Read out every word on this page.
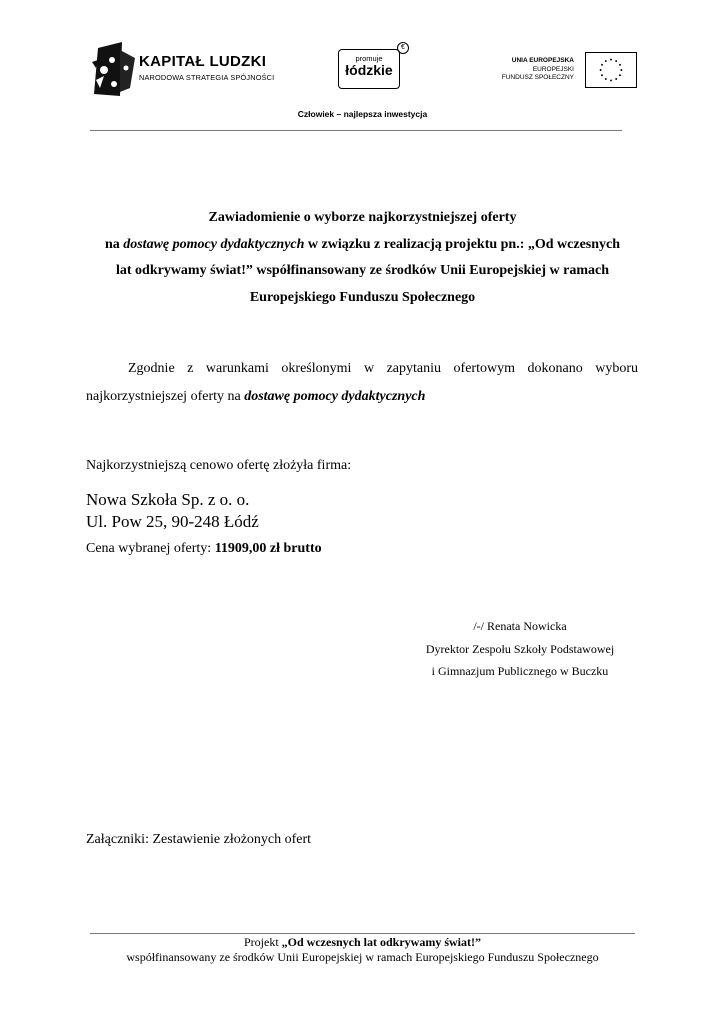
KAPITAŁ LUDZKI
NARODOWA STRATEGIA SPÓJNOŚCI
promuje
łódzkie
€
UNIA EUROPEJSKA
EUROPEJSKI
FUNDUSZ SPOŁECZNY
Człowiek – najlepsza inwestycja
Zawiadomienie o wyborze najkorzystniejszej oferty
na dostawę pomocy dydaktycznych w związku z realizacją projektu pn.: „Od wczesnych
lat odkrywamy świat!” współfinansowany ze środków Unii Europejskiej w ramach
Europejskiego Funduszu Społecznego
Zgodnie z warunkami określonymi w zapytaniu ofertowym dokonano wyboru
najkorzystniejszej oferty na dostawę pomocy dydaktycznych
Najkorzystniejszą cenowo ofertę złożyła firma:
Nowa Szkoła Sp. z o. o.
Ul. Pow 25, 90-248 Łódź
Cena wybranej oferty: 11909,00 zł brutto
/-/ Renata Nowicka
Dyrektor Zespołu Szkoły Podstawowej
i Gimnazjum Publicznego w Buczku
Załączniki: Zestawienie złożonych ofert
Projekt „Od wczesnych lat odkrywamy świat!”
współfinansowany ze środków Unii Europejskiej w ramach Europejskiego Funduszu Społecznego
